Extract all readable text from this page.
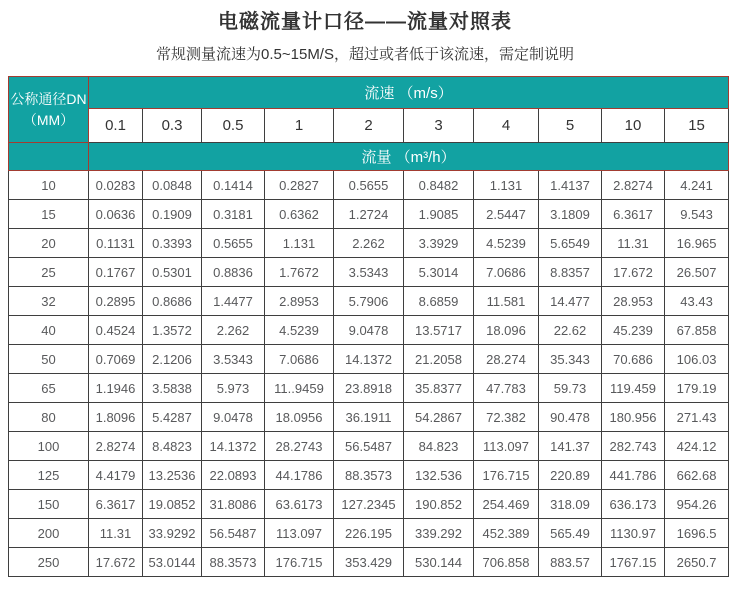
电磁流量计口径——流量对照表
常规测量流速为0.5~15M/S，超过或者低于该流速，需定制说明
公称通径DN
（MM）	流速 （m/s）									
	0.1	0.3	0.5	1	2	3	4	5	10	15
	流量 （m³/h）									
10	0.0283	0.0848	0.1414	0.2827	0.5655	0.8482	1.131	1.4137	2.8274	4.241
15	0.0636	0.1909	0.3181	0.6362	1.2724	1.9085	2.5447	3.1809	6.3617	9.543
20	0.1131	0.3393	0.5655	1.131	2.262	3.3929	4.5239	5.6549	11.31	16.965
25	0.1767	0.5301	0.8836	1.7672	3.5343	5.3014	7.0686	8.8357	17.672	26.507
32	0.2895	0.8686	1.4477	2.8953	5.7906	8.6859	11.581	14.477	28.953	43.43
40	0.4524	1.3572	2.262	4.5239	9.0478	13.5717	18.096	22.62	45.239	67.858
50	0.7069	2.1206	3.5343	7.0686	14.1372	21.2058	28.274	35.343	70.686	106.03
65	1.1946	3.5838	5.973	11..9459	23.8918	35.8377	47.783	59.73	119.459	179.19
80	1.8096	5.4287	9.0478	18.0956	36.1911	54.2867	72.382	90.478	180.956	271.43
100	2.8274	8.4823	14.1372	28.2743	56.5487	84.823	113.097	141.37	282.743	424.12
125	4.4179	13.2536	22.0893	44.1786	88.3573	132.536	176.715	220.89	441.786	662.68
150	6.3617	19.0852	31.8086	63.6173	127.2345	190.852	254.469	318.09	636.173	954.26
200	11.31	33.9292	56.5487	113.097	226.195	339.292	452.389	565.49	1130.97	1696.5
250	17.672	53.0144	88.3573	176.715	353.429	530.144	706.858	883.57	1767.15	2650.7
